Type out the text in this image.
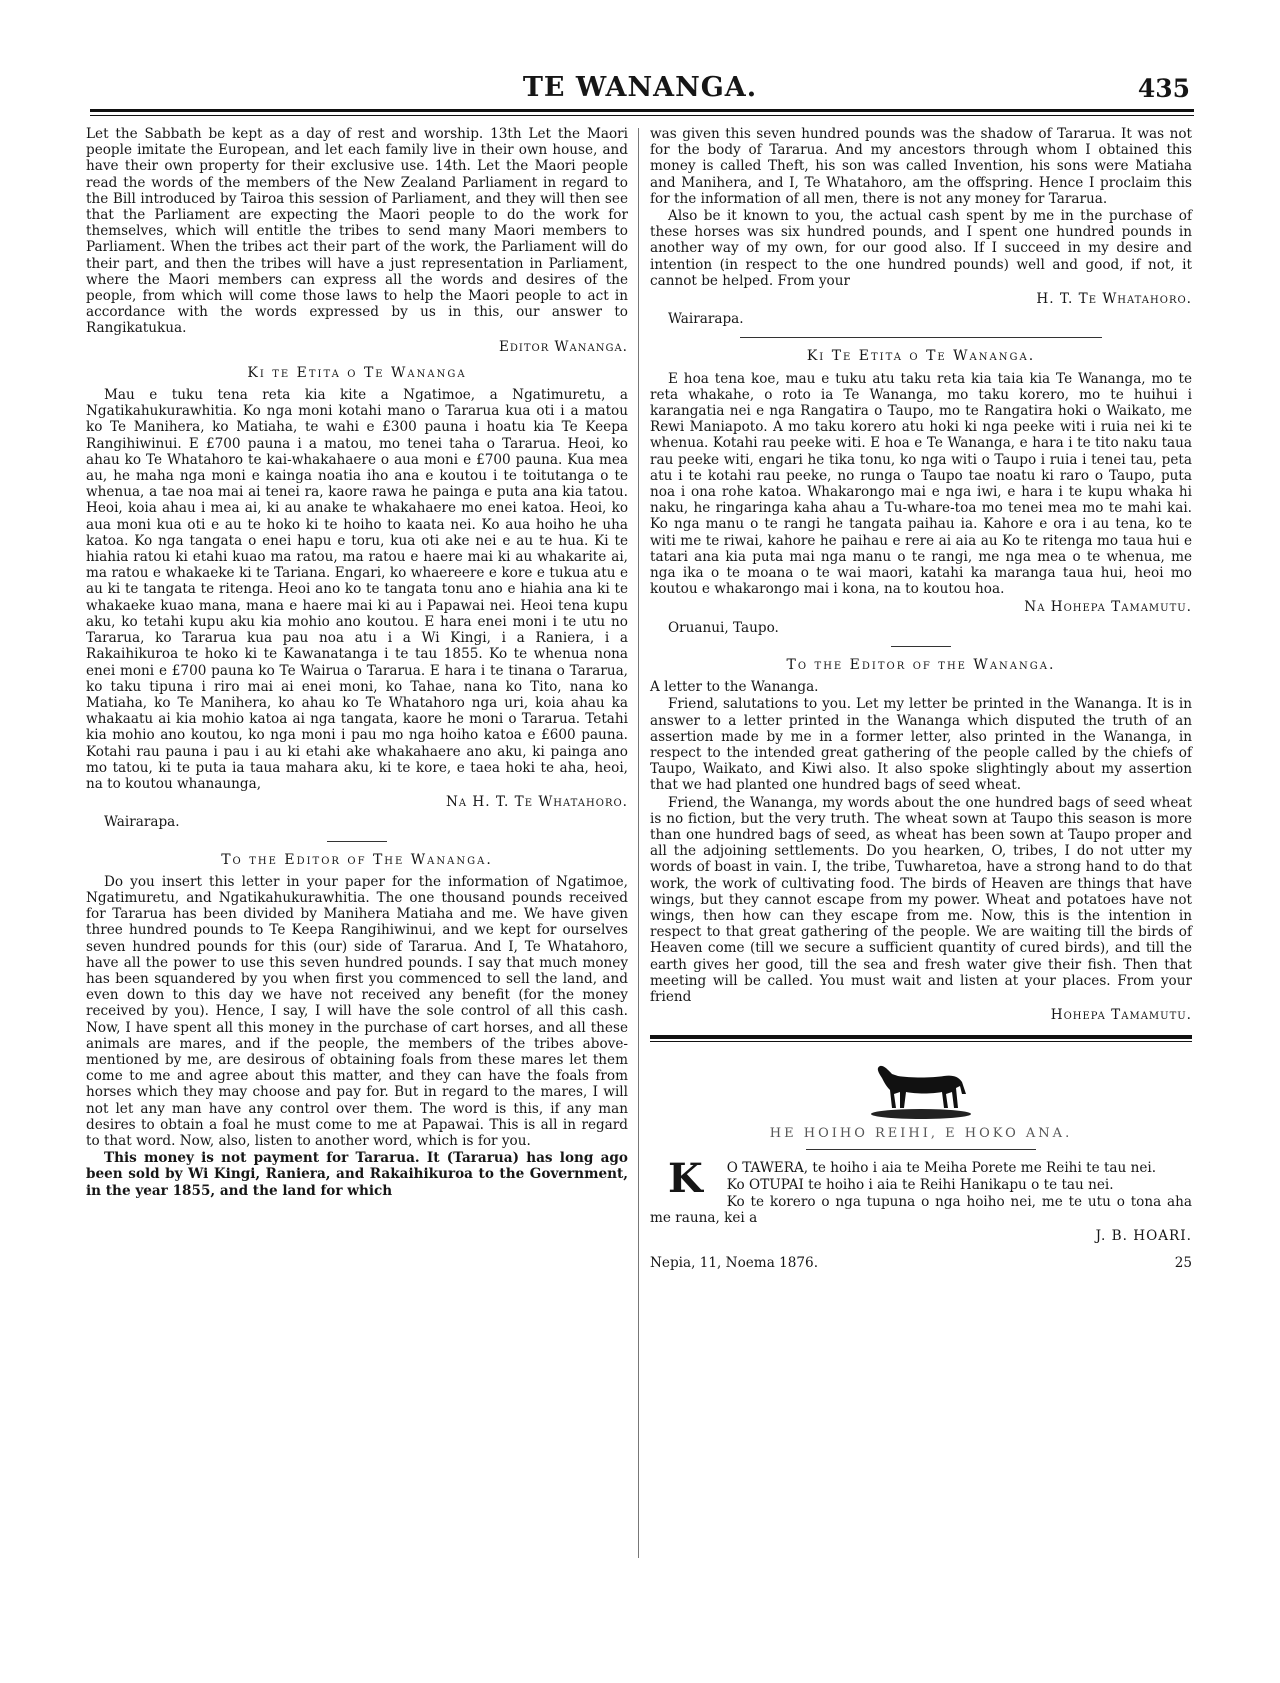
TE WANANGA.	435

Let the Sabbath be kept as a day of rest and worship. 13th Let the Maori people imitate the European, and let each family live in their own house, and have their own property for their exclusive use. 14th. Let the Maori people read the words of the members of the New Zealand Parliament in regard to the Bill introduced by Tairoa this session of Parliament, and they will then see that the Parliament are expecting the Maori people to do the work for themselves, which will entitle the tribes to send many Maori members to Parliament. When the tribes act their part of the work, the Parliament will do their part, and then the tribes will have a just representation in Parliament, where the Maori members can express all the words and desires of the people, from which will come those laws to help the Maori people to act in accordance with the words expressed by us in this, our answer to Rangikatukua.

Editor Wananga.
Ki te Etita o Te Wananga

Mau e tuku tena reta kia kite a Ngatimoe, a Ngatimuretu, a Ngatikahukurawhitia. Ko nga moni kotahi mano o Tararua kua oti i a matou ko Te Manihera, ko Matiaha, te wahi e £300 pauna i hoatu kia Te Keepa Rangihiwinui. E £700 pauna i a matou, mo tenei taha o Tararua. Heoi, ko ahau ko Te Whatahoro te kai-whakahaere o aua moni e £700 pauna. Kua mea au, he maha nga moni e kainga noatia iho ana e koutou i te toitutanga o te whenua, a tae noa mai ai tenei ra, kaore rawa he painga e puta ana kia tatou. Heoi, koia ahau i mea ai, ki au anake te whakahaere mo enei katoa. Heoi, ko aua moni kua oti e au te hoko ki te hoiho to kaata nei. Ko aua hoiho he uha katoa. Ko nga tangata o enei hapu e toru, kua oti ake nei e au te hua. Ki te hiahia ratou ki etahi kuao ma ratou, ma ratou e haere mai ki au whakarite ai, ma ratou e whakaeke ki te Tariana. Engari, ko whaereere e kore e tukua atu e au ki te tangata te ritenga. Heoi ano ko te tangata tonu ano e hiahia ana ki te whakaeke kuao mana, mana e haere mai ki au i Papawai nei. Heoi tena kupu aku, ko tetahi kupu aku kia mohio ano koutou. E hara enei moni i te utu no Tararua, ko Tararua kua pau noa atu i a Wi Kingi, i a Raniera, i a Rakaihikuroa te hoko ki te Kawanatanga i te tau 1855. Ko te whenua nona enei moni e £700 pauna ko Te Wairua o Tararua. E hara i te tinana o Tararua, ko taku tipuna i riro mai ai enei moni, ko Tahae, nana ko Tito, nana ko Matiaha, ko Te Manihera, ko ahau ko Te Whatahoro nga uri, koia ahau ka whakaatu ai kia mohio katoa ai nga tangata, kaore he moni o Tararua. Tetahi kia mohio ano koutou, ko nga moni i pau mo nga hoiho katoa e £600 pauna. Kotahi rau pauna i pau i au ki etahi ake whakahaere ano aku, ki painga ano mo tatou, ki te puta ia taua mahara aku, ki te kore, e taea hoki te aha, heoi, na to koutou whanaunga,

Na H. T. Te Whatahoro.
Wairarapa.
To the Editor of The Wananga.

Do you insert this letter in your paper for the information of Ngatimoe, Ngatimuretu, and Ngatikahukurawhitia. The one thousand pounds received for Tararua has been divided by Manihera Matiaha and me. We have given three hundred pounds to Te Keepa Rangihiwinui, and we kept for ourselves seven hundred pounds for this (our) side of Tararua. And I, Te Whatahoro, have all the power to use this seven hundred pounds. I say that much money has been squandered by you when first you commenced to sell the land, and even down to this day we have not received any benefit (for the money received by you). Hence, I say, I will have the sole control of all this cash. Now, I have spent all this money in the purchase of cart horses, and all these animals are mares, and if the people, the members of the tribes above-mentioned by me, are desirous of obtaining foals from these mares let them come to me and agree about this matter, and they can have the foals from horses which they may choose and pay for. But in regard to the mares, I will not let any man have any control over them. The word is this, if any man desires to obtain a foal he must come to me at Papawai. This is all in regard to that word. Now, also, listen to another word, which is for you.

This money is not payment for Tararua. It (Tararua) has long ago been sold by Wi Kingi, Raniera, and Rakaihikuroa to the Government, in the year 1855, and the land for which

was given this seven hundred pounds was the shadow of Tararua. It was not for the body of Tararua. And my ancestors through whom I obtained this money is called Theft, his son was called Invention, his sons were Matiaha and Manihera, and I, Te Whatahoro, am the offspring. Hence I proclaim this for the information of all men, there is not any money for Tararua.

Also be it known to you, the actual cash spent by me in the purchase of these horses was six hundred pounds, and I spent one hundred pounds in another way of my own, for our good also. If I succeed in my desire and intention (in respect to the one hundred pounds) well and good, if not, it cannot be helped. From your

H. T. Te Whatahoro.
Wairarapa.
Ki Te Etita o Te Wananga.

E hoa tena koe, mau e tuku atu taku reta kia taia kia Te Wananga, mo te reta whakahe, o roto ia Te Wananga, mo taku korero, mo te huihui i karangatia nei e nga Rangatira o Taupo, mo te Rangatira hoki o Waikato, me Rewi Maniapoto. A mo taku korero atu hoki ki nga peeke witi i ruia nei ki te whenua. Kotahi rau peeke witi. E hoa e Te Wananga, e hara i te tito naku taua rau peeke witi, engari he tika tonu, ko nga witi o Taupo i ruia i tenei tau, peta atu i te kotahi rau peeke, no runga o Taupo tae noatu ki raro o Taupo, puta noa i ona rohe katoa. Whakarongo mai e nga iwi, e hara i te kupu whaka hi naku, he ringaringa kaha ahau a Tu-whare-toa mo tenei mea mo te mahi kai. Ko nga manu o te rangi he tangata paihau ia. Kahore e ora i au tena, ko te witi me te riwai, kahore he paihau e rere ai aia au Ko te ritenga mo taua hui e tatari ana kia puta mai nga manu o te rangi, me nga mea o te whenua, me nga ika o te moana o te wai maori, katahi ka maranga taua hui, heoi mo koutou e whakarongo mai i kona, na to koutou hoa.

Na Hohepa Tamamutu.
Oruanui, Taupo.
To the Editor of the Wananga.

A letter to the Wananga.

Friend, salutations to you. Let my letter be printed in the Wananga. It is in answer to a letter printed in the Wananga which disputed the truth of an assertion made by me in a former letter, also printed in the Wananga, in respect to the intended great gathering of the people called by the chiefs of Taupo, Waikato, and Kiwi also. It also spoke slightingly about my assertion that we had planted one hundred bags of seed wheat.

Friend, the Wananga, my words about the one hundred bags of seed wheat is no fiction, but the very truth. The wheat sown at Taupo this season is more than one hundred bags of seed, as wheat has been sown at Taupo proper and all the adjoining settlements. Do you hearken, O, tribes, I do not utter my words of boast in vain. I, the tribe, Tuwharetoa, have a strong hand to do that work, the work of cultivating food. The birds of Heaven are things that have wings, but they cannot escape from my power. Wheat and potatoes have not wings, then how can they escape from me. Now, this is the intention in respect to that great gathering of the people. We are waiting till the birds of Heaven come (till we secure a sufficient quantity of cured birds), and till the earth gives her good, till the sea and fresh water give their fish. Then that meeting will be called. You must wait and listen at your places. From your friend

Hohepa Tamamutu.
HE HOIHO REIHI, E HOKO ANA.

K O TAWERA, te hoiho i aia te Meiha Porete me Reihi te tau nei.

Ko OTUPAI te hoiho i aia te Reihi Hanikapu o te tau nei.

Ko te korero o nga tupuna o nga hoiho nei, me te utu o tona aha me rauna, kei a

J. B. HOARI.
Nepia, 11, Noema 1876.	25
